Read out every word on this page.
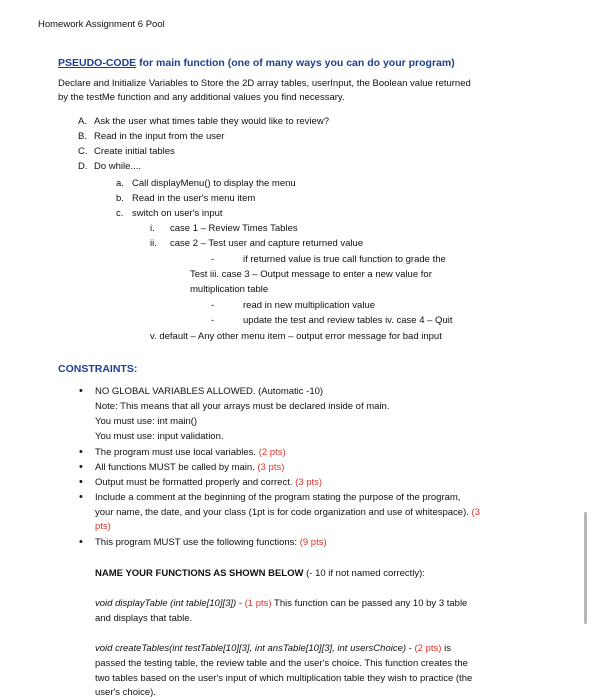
Homework Assignment 6 Pool
PSEUDO-CODE for main function (one of many ways you can do your program)
Declare and Initialize Variables to Store the 2D array tables, userInput, the Boolean value returned
by the testMe function and any additional values you find necessary.
A. Ask the user what times table they would like to review?
B. Read in the input from the user
C. Create initial tables
D. Do while....
a. Call displayMenu() to display the menu
b. Read in the user's menu item
c. switch on user's input
i. case 1 – Review Times Tables
ii. case 2 – Test user and capture returned value
-	if returned value is true call function to grade the
Test iii. case 3 – Output message to enter a new value for
multiplication table
-	read in new multiplication value
-	update the test and review tables iv. case 4 – Quit
v. default – Any other menu item – output error message for bad input
CONSTRAINTS:
• NO GLOBAL VARIABLES ALLOWED. (Automatic -10)
Note: This means that all your arrays must be declared inside of main.
You must use: int main()
You must use: input validation.
• The program must use local variables. (2 pts)
• All functions MUST be called by main. (3 pts)
• Output must be formatted properly and correct. (3 pts)
• Include a comment at the beginning of the program stating the purpose of the program,
your name, the date, and your class (1pt is for code organization and use of whitespace). (3
pts)
• This program MUST use the following functions: (9 pts)
NAME YOUR FUNCTIONS AS SHOWN BELOW (- 10 if not named correctly):
void displayTable (int table[10][3]) - (1 pts) This function can be passed any 10 by 3 table
and displays that table.
void createTables(int testTable[10][3], int ansTable[10][3], int usersChoice) - (2 pts) is
passed the testing table, the review table and the user's choice. This function creates the
two tables based on the user's input of which multiplication table they wish to practice (the
user's choice).
